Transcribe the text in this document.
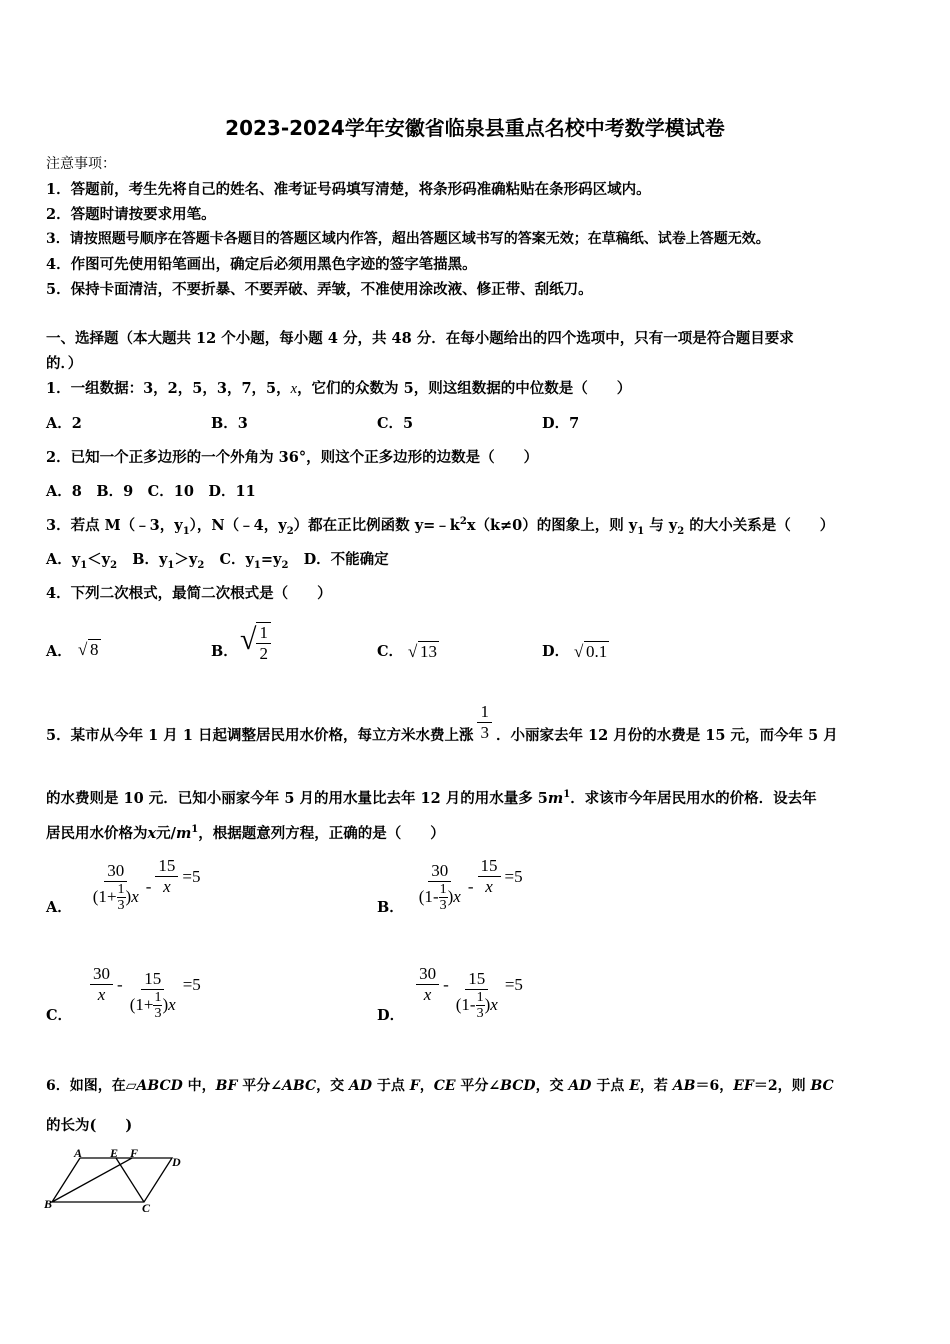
2023-2024学年安徽省临泉县重点名校中考数学模试卷
注意事项：
1．答题前，考生先将自己的姓名、准考证号码填写清楚，将条形码准确粘贴在条形码区域内。
2．答题时请按要求用笔。
3．请按照题号顺序在答题卡各题目的答题区域内作答，超出答题区域书写的答案无效；在草稿纸、试卷上答题无效。
4．作图可先使用铅笔画出，确定后必须用黑色字迹的签字笔描黑。
5．保持卡面清洁，不要折暴、不要弄破、弄皱，不准使用涂改液、修正带、刮纸刀。
一、选择题（本大题共 12 个小题，每小题 4 分，共 48 分．在每小题给出的四个选项中，只有一项是符合题目要求
的．）
1．一组数据：3，2，5，3，7，5，x，它们的众数为 5，则这组数据的中位数是（　　）
A．2	B．3	C．5	D．7
2．已知一个正多边形的一个外角为 36°，则这个正多边形的边数是（　　）
A．8　B．9　C．10　D．11
3．若点 M（﹣3，$y_1$），N（﹣4，$y_2$）都在正比例函数 $y=﹣k^2x(k\ne 0)$的图象上，则 $y_1$ 与 $y_2$ 的大小关系是（　　）
A．$y_1<y_2$ B．$y_1>y_2$ C．$y_1=y_2$ D．不能确定
4．下列二次根式，最简二次根式是（　　）
A． √ 8	B． √ $\frac{1}{2}$	C． √ 13	D． √ 0.1
5．某市从今年 1 月 1 日起调整居民用水价格，每立方米水费上涨 $\frac{1}{3}$ ．小丽家去年 12 月份的水费是 15 元，而今年 5 月
的水费则是 10 元．已知小丽家今年 5 月的用水量比去年 12 月的用水量多 $5m^1$．求该市今年居民用水的价格．设去年
居民用水价格为x元$/m^1$，根据题意列方程，正确的是（　　）
A． $\frac{30}{(1 + \frac{1}{3} ) x} - \frac{15}{x} =5$
B． $\frac{30}{(1 - \frac{1}{3} ) x} - \frac{15}{x} =5$
C．
$\frac{30}{x} - \frac{15}{(1 + \frac{1}{3} ) x} =5$
D．
$\frac{30}{x} - \frac{15}{(1 - \frac{1}{3} ) x} =5$
6．如图，在▱ABCD 中，BF 平分∠ABC，交 AD 于点 F，CE 平分∠BCD，交 AD 于点 E，若 AB＝6，EF＝2，则 BC
的长为(　　)
A E F
D
B	C
